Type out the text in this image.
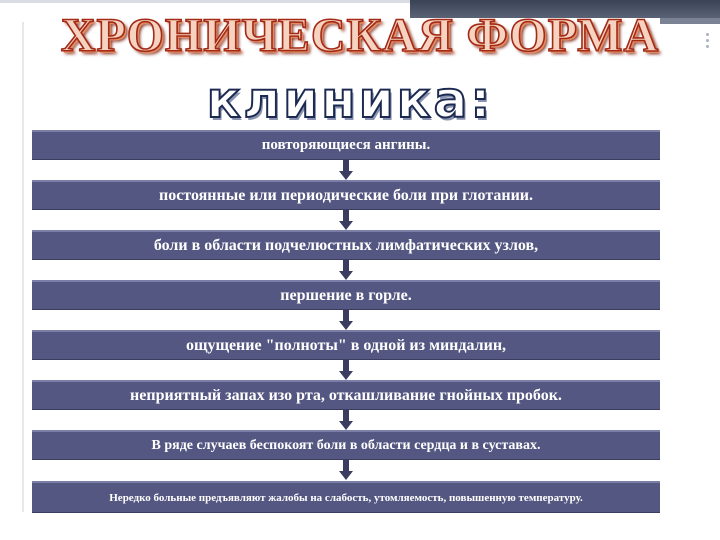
ХРОНИЧЕСКАЯ ФОРМА
клиника:
повторяющиеся ангины.
постоянные или периодические боли при глотании.
боли в области подчелюстных лимфатических узлов,
першение в горле.
ощущение "полноты" в одной из миндалин,
неприятный запах изо рта, откашливание гнойных пробок.
В ряде случаев беспокоят боли в области сердца и в суставах.
Нередко больные предъявляют жалобы на слабость, утомляемость, повышенную температуру.
